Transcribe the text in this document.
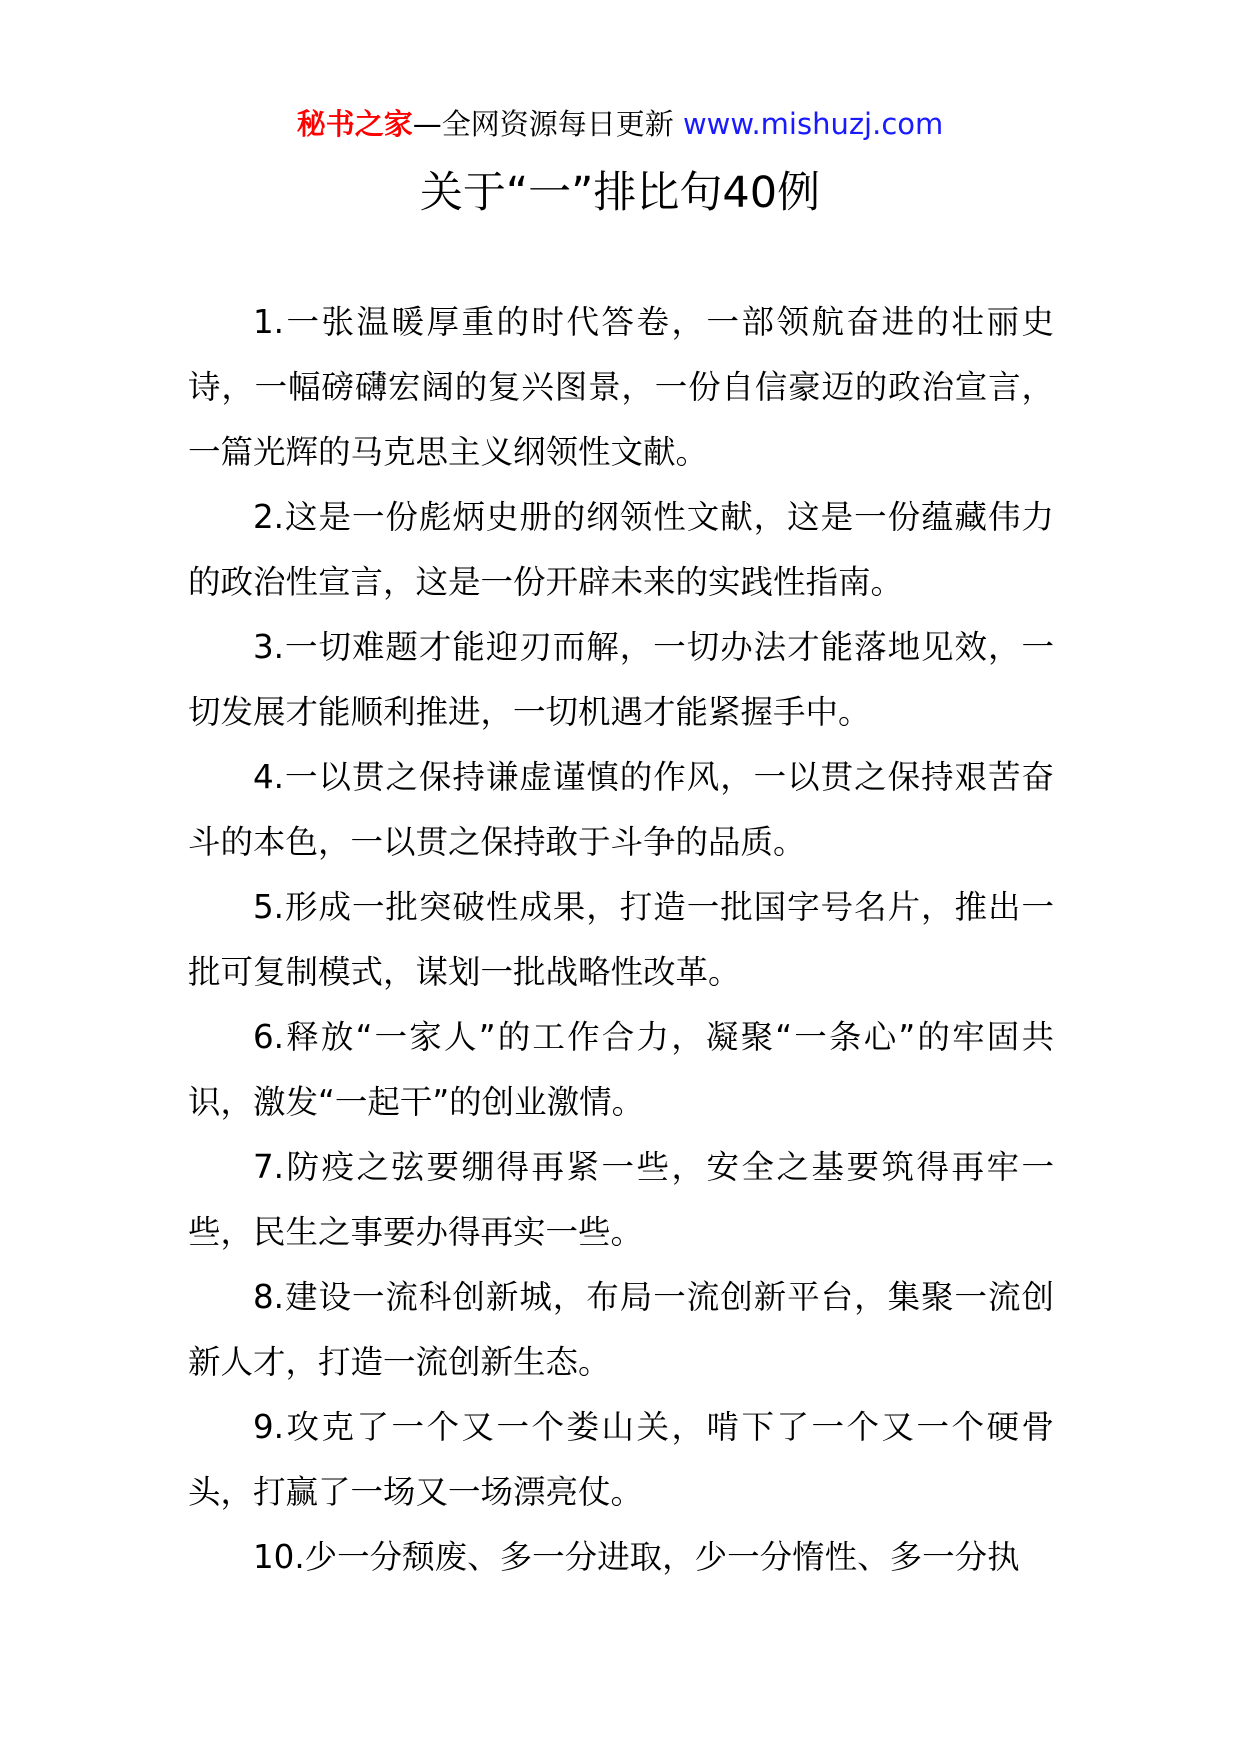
秘书之家—全网资源每日更新 www.mishuzj.com
关于“一”排比句40例

1.一张温暖厚重的时代答卷，一部领航奋进的壮丽史诗，一幅磅礴宏阔的复兴图景，一份自信豪迈的政治宣言，一篇光辉的马克思主义纲领性文献。

2.这是一份彪炳史册的纲领性文献，这是一份蕴藏伟力的政治性宣言，这是一份开辟未来的实践性指南。

3.一切难题才能迎刃而解，一切办法才能落地见效，一切发展才能顺利推进，一切机遇才能紧握手中。

4.一以贯之保持谦虚谨慎的作风，一以贯之保持艰苦奋斗的本色，一以贯之保持敢于斗争的品质。

5.形成一批突破性成果，打造一批国字号名片，推出一批可复制模式，谋划一批战略性改革。

6.释放“一家人”的工作合力，凝聚“一条心”的牢固共识，激发“一起干”的创业激情。

7.防疫之弦要绷得再紧一些，安全之基要筑得再牢一些，民生之事要办得再实一些。

8.建设一流科创新城，布局一流创新平台，集聚一流创新人才，打造一流创新生态。

9.攻克了一个又一个娄山关，啃下了一个又一个硬骨头，打赢了一场又一场漂亮仗。

10.少一分颓废、多一分进取，少一分惰性、多一分执
